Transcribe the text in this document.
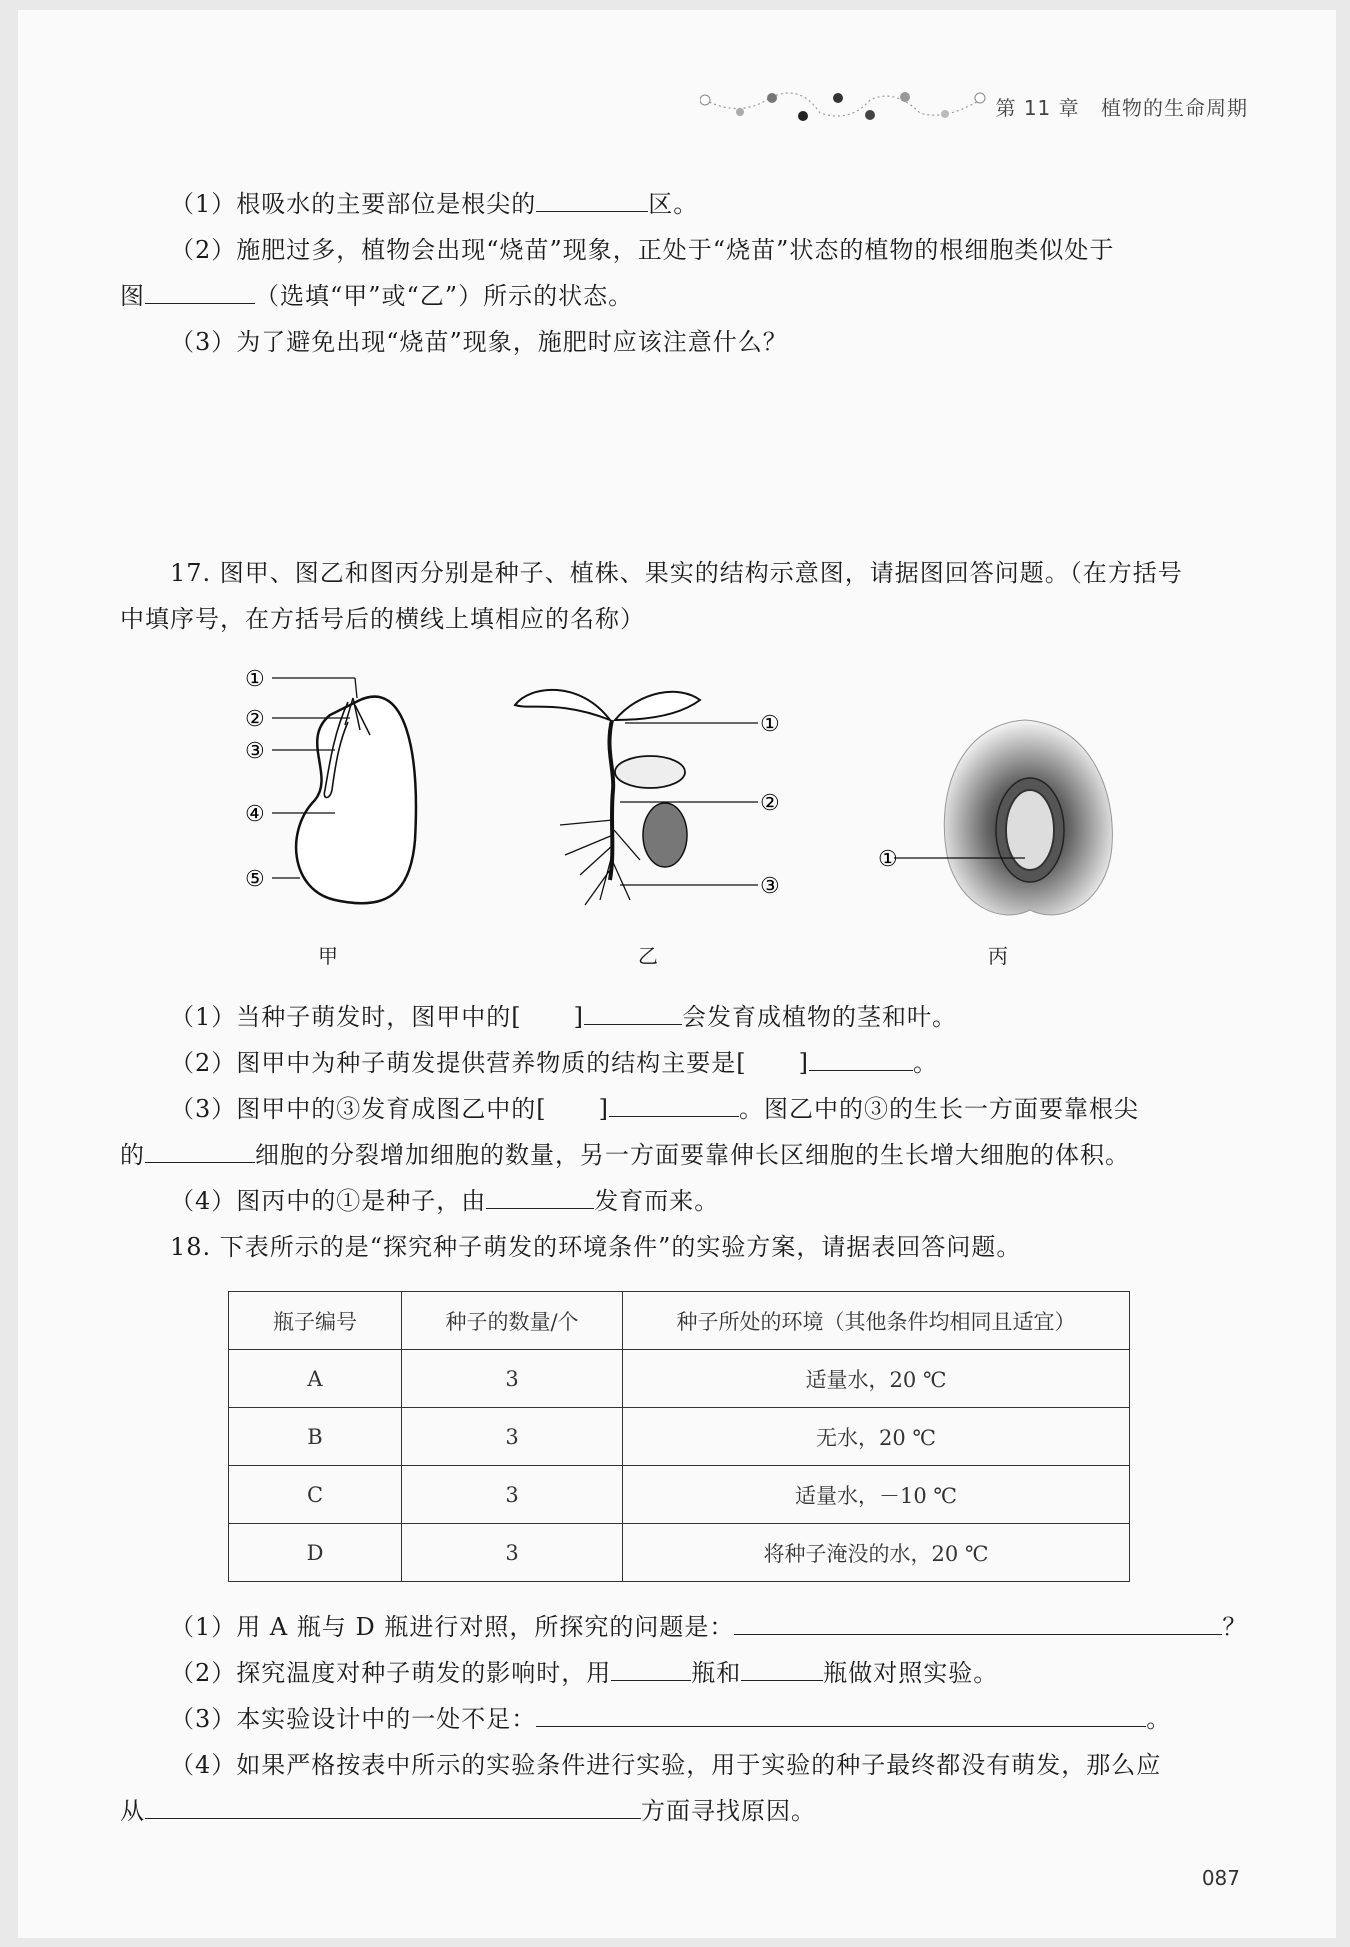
第 11 章 植物的生命周期
（1）根吸水的主要部位是根尖的	区。
（2）施肥过多，植物会出现“烧苗”现象，正处于“烧苗”状态的植物的根细胞类似处于
图	（选填“甲”或“乙”）所示的状态。
（3）为了避免出现“烧苗”现象，施肥时应该注意什么？
17. 图甲、图乙和图丙分别是种子、植株、果实的结构示意图，请据图回答问题。（在方括号
中填序号，在方括号后的横线上填相应的名称）
①
②
③
④
⑤
①
②
③
①
甲	乙	丙
（1）当种子萌发时，图甲中的[ ]	会发育成植物的茎和叶。
（2）图甲中为种子萌发提供营养物质的结构主要是[ ]	。
（3）图甲中的③发育成图乙中的[ ]	。图乙中的③的生长一方面要靠根尖
的	细胞的分裂增加细胞的数量，另一方面要靠伸长区细胞的生长增大细胞的体积。
（4）图丙中的①是种子，由	发育而来。
18. 下表所示的是“探究种子萌发的环境条件”的实验方案，请据表回答问题。
瓶子编号	种子的数量/个	种子所处的环境（其他条件均相同且适宜）
A	3	适量水，20 ℃
B	3	无水，20 ℃
C	3	适量水，－10 ℃
D	3	将种子淹没的水，20 ℃
（1）用 A 瓶与 D 瓶进行对照，所探究的问题是：	？
（2）探究温度对种子萌发的影响时，用	瓶和	瓶做对照实验。
（3）本实验设计中的一处不足：	。
（4）如果严格按表中所示的实验条件进行实验，用于实验的种子最终都没有萌发，那么应
从	方面寻找原因。
087
